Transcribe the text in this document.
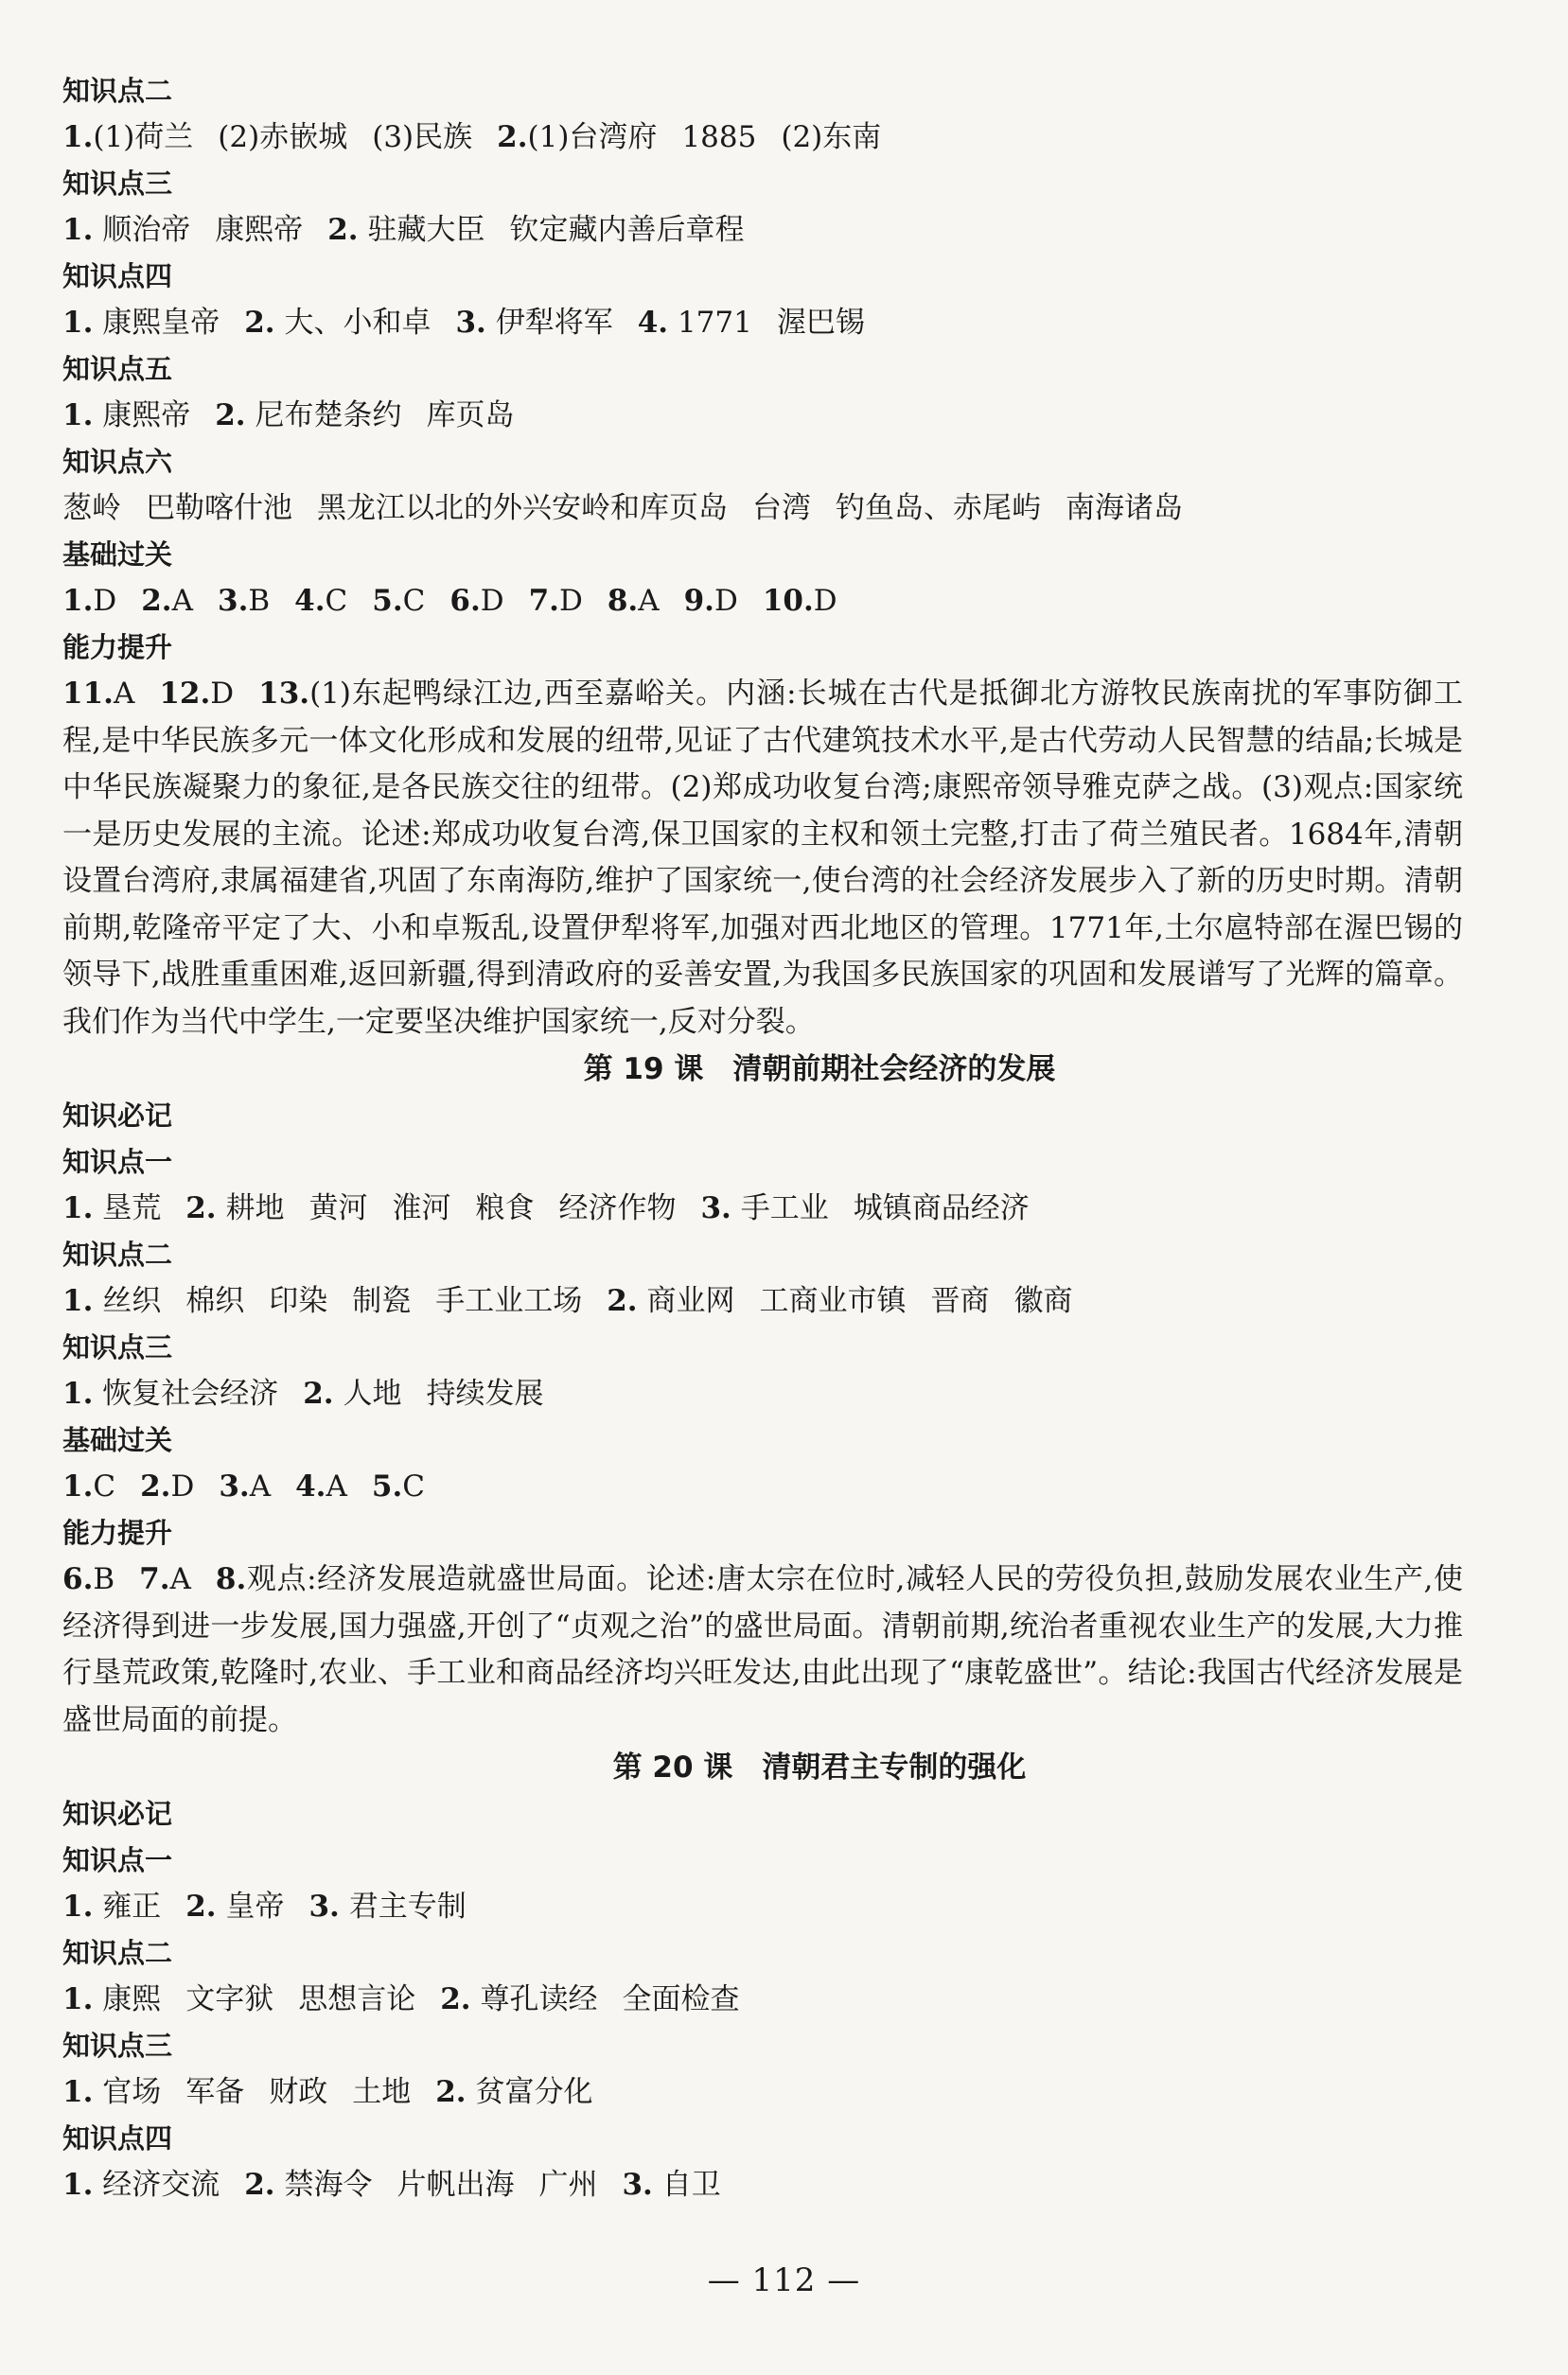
知识点二
1.(1)荷兰 (2)赤嵌城 (3)民族 2.(1)台湾府 1885 (2)东南
知识点三
1. 顺治帝 康熙帝 2. 驻藏大臣 钦定藏内善后章程
知识点四
1. 康熙皇帝 2. 大、小和卓 3. 伊犁将军 4. 1771 渥巴锡
知识点五
1. 康熙帝 2. 尼布楚条约 库页岛
知识点六
葱岭 巴勒喀什池 黑龙江以北的外兴安岭和库页岛 台湾 钓鱼岛、赤尾屿 南海诸岛
基础过关
1.D 2.A 3.B 4.C 5.C 6.D 7.D 8.A 9.D 10.D
能力提升
11.A 12.D 13.(1)东起鸭绿江边,西至嘉峪关。内涵:长城在古代是抵御北方游牧民族南扰的军事防御工程,是中华民族多元一体文化形成和发展的纽带,见证了古代建筑技术水平,是古代劳动人民智慧的结晶;长城是中华民族凝聚力的象征,是各民族交往的纽带。(2)郑成功收复台湾;康熙帝领导雅克萨之战。(3)观点:国家统一是历史发展的主流。论述:郑成功收复台湾,保卫国家的主权和领土完整,打击了荷兰殖民者。1684年,清朝设置台湾府,隶属福建省,巩固了东南海防,维护了国家统一,使台湾的社会经济发展步入了新的历史时期。清朝前期,乾隆帝平定了大、小和卓叛乱,设置伊犁将军,加强对西北地区的管理。1771年,土尔扈特部在渥巴锡的领导下,战胜重重困难,返回新疆,得到清政府的妥善安置,为我国多民族国家的巩固和发展谱写了光辉的篇章。我们作为当代中学生,一定要坚决维护国家统一,反对分裂。
第 19 课　清朝前期社会经济的发展
知识必记
知识点一
1. 垦荒 2. 耕地 黄河 淮河 粮食 经济作物 3. 手工业 城镇商品经济
知识点二
1. 丝织 棉织 印染 制瓷 手工业工场 2. 商业网 工商业市镇 晋商 徽商
知识点三
1. 恢复社会经济 2. 人地 持续发展
基础过关
1.C 2.D 3.A 4.A 5.C
能力提升
6.B 7.A 8.观点:经济发展造就盛世局面。论述:唐太宗在位时,减轻人民的劳役负担,鼓励发展农业生产,使经济得到进一步发展,国力强盛,开创了“贞观之治”的盛世局面。清朝前期,统治者重视农业生产的发展,大力推行垦荒政策,乾隆时,农业、手工业和商品经济均兴旺发达,由此出现了“康乾盛世”。结论:我国古代经济发展是盛世局面的前提。
第 20 课　清朝君主专制的强化
知识必记
知识点一
1. 雍正 2. 皇帝 3. 君主专制
知识点二
1. 康熙 文字狱 思想言论 2. 尊孔读经 全面检查
知识点三
1. 官场 军备 财政 土地 2. 贫富分化
知识点四
1. 经济交流 2. 禁海令 片帆出海 广州 3. 自卫
— 112 —
